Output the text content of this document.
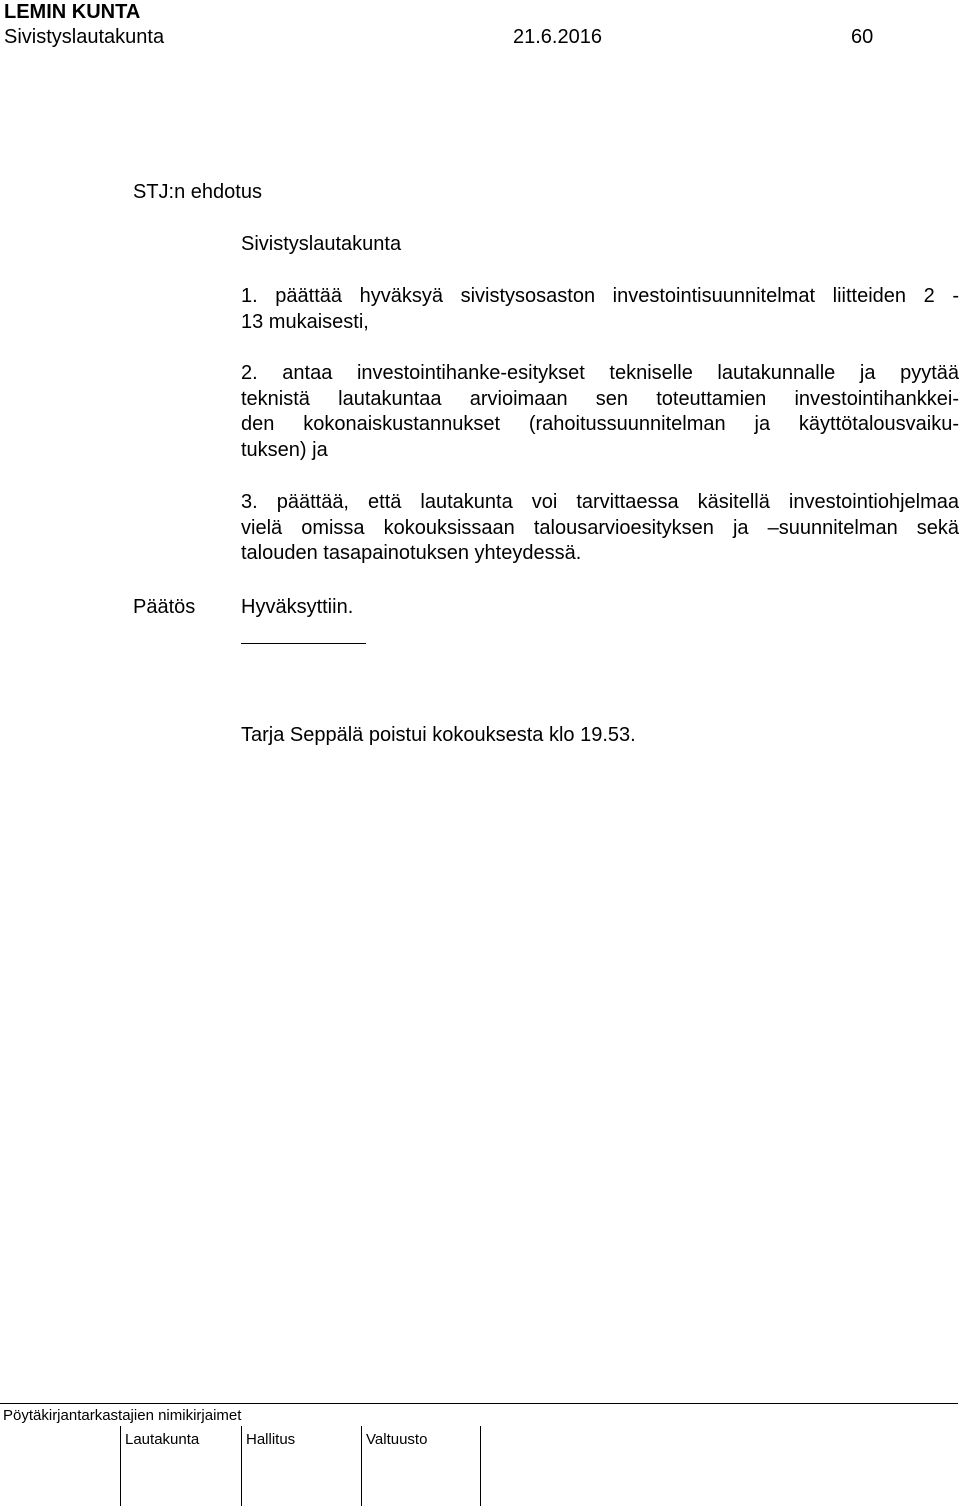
LEMIN KUNTA
Sivistyslautakunta	21.6.2016	60
STJ:n ehdotus
Sivistyslautakunta
1. päättää hyväksyä sivistysosaston investointisuunnitelmat liitteiden 2 -
13 mukaisesti,
2. antaa investointihanke-esitykset tekniselle lautakunnalle ja pyytää
teknistä lautakuntaa arvioimaan sen toteuttamien investointihankkei-
den kokonaiskustannukset (rahoitussuunnitelman ja käyttötalousvaiku-
tuksen) ja
3. päättää, että lautakunta voi tarvittaessa käsitellä investointiohjelmaa
vielä omissa kokouksissaan talousarvioesityksen ja –suunnitelman sekä
talouden tasapainotuksen yhteydessä.
Päätös Hyväksyttiin.
Tarja Seppälä poistui kokouksesta klo 19.53.
Pöytäkirjantarkastajien nimikirjaimet
Lautakunta	Hallitus	Valtuusto
